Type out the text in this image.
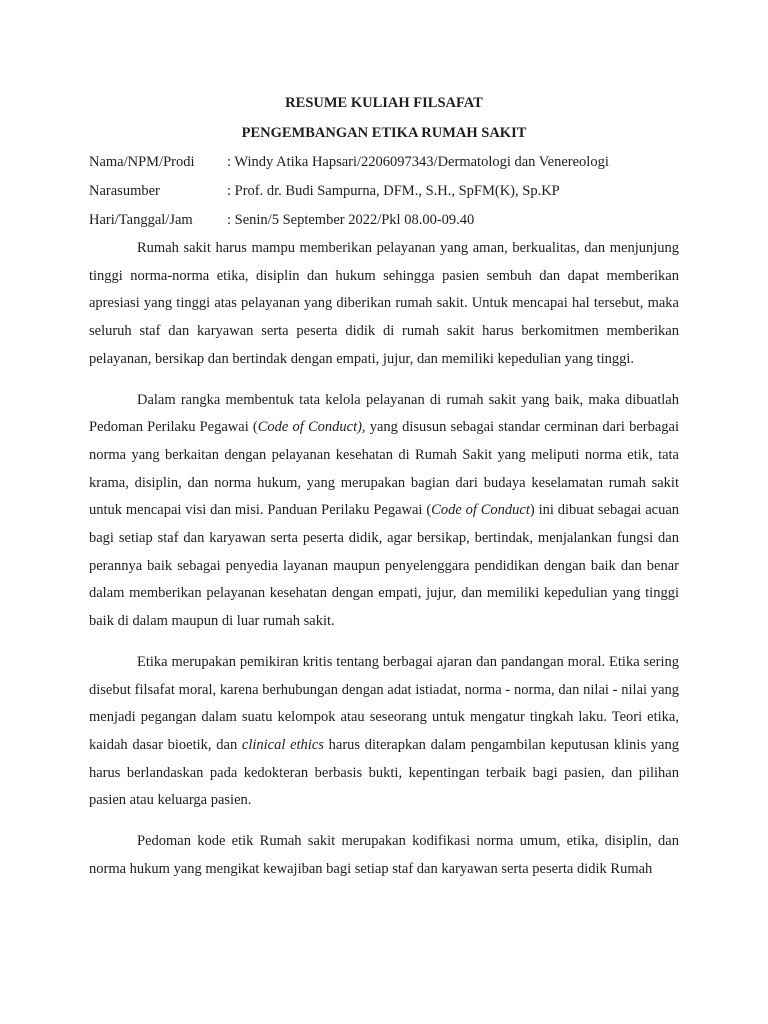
RESUME KULIAH FILSAFAT

PENGEMBANGAN ETIKA RUMAH SAKIT

Nama/NPM/Prodi	: Windy Atika Hapsari/2206097343/Dermatologi dan Venereologi
Narasumber	: Prof. dr. Budi Sampurna, DFM., S.H., SpFM(K), Sp.KP
Hari/Tanggal/Jam	: Senin/5 September 2022/Pkl 08.00-09.40

Rumah sakit harus mampu memberikan pelayanan yang aman, berkualitas, dan menjunjung tinggi norma-norma etika, disiplin dan hukum sehingga pasien sembuh dan dapat memberikan apresiasi yang tinggi atas pelayanan yang diberikan rumah sakit. Untuk mencapai hal tersebut, maka seluruh staf dan karyawan serta peserta didik di rumah sakit harus berkomitmen memberikan pelayanan, bersikap dan bertindak dengan empati, jujur, dan memiliki kepedulian yang tinggi.

Dalam rangka membentuk tata kelola pelayanan di rumah sakit yang baik, maka dibuatlah Pedoman Perilaku Pegawai (Code of Conduct), yang disusun sebagai standar cerminan dari berbagai norma yang berkaitan dengan pelayanan kesehatan di Rumah Sakit yang meliputi norma etik, tata krama, disiplin, dan norma hukum, yang merupakan bagian dari budaya keselamatan rumah sakit untuk mencapai visi dan misi. Panduan Perilaku Pegawai (Code of Conduct) ini dibuat sebagai acuan bagi setiap staf dan karyawan serta peserta didik, agar bersikap, bertindak, menjalankan fungsi dan perannya baik sebagai penyedia layanan maupun penyelenggara pendidikan dengan baik dan benar dalam memberikan pelayanan kesehatan dengan empati, jujur, dan memiliki kepedulian yang tinggi baik di dalam maupun di luar rumah sakit.

Etika merupakan pemikiran kritis tentang berbagai ajaran dan pandangan moral. Etika sering disebut filsafat moral, karena berhubungan dengan adat istiadat, norma - norma, dan nilai - nilai yang menjadi pegangan dalam suatu kelompok atau seseorang untuk mengatur tingkah laku. Teori etika, kaidah dasar bioetik, dan clinical ethics harus diterapkan dalam pengambilan keputusan klinis yang harus berlandaskan pada kedokteran berbasis bukti, kepentingan terbaik bagi pasien, dan pilihan pasien atau keluarga pasien.

Pedoman kode etik Rumah sakit merupakan kodifikasi norma umum, etika, disiplin, dan norma hukum yang mengikat kewajiban bagi setiap staf dan karyawan serta peserta didik Rumah
